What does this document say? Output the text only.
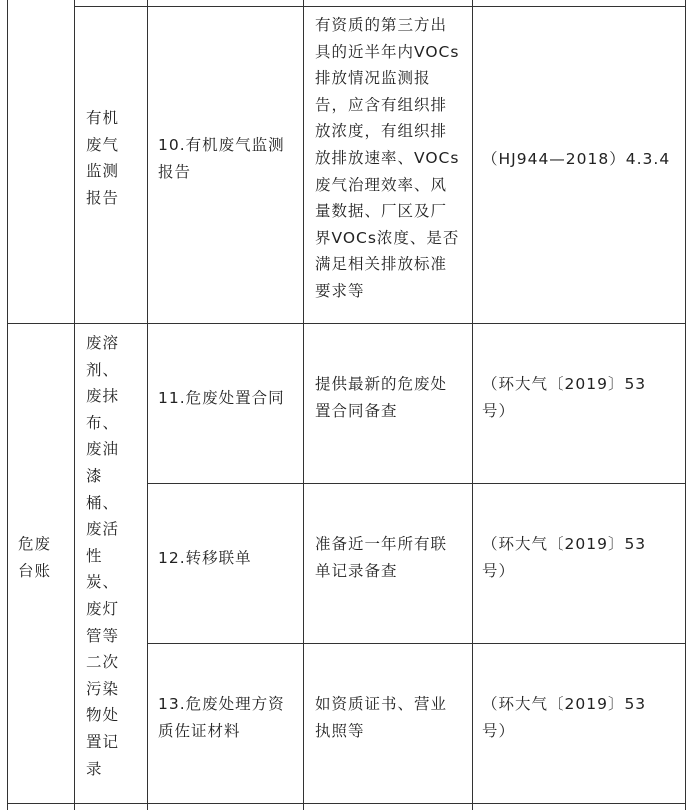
有机
废气
监测
报告
10.有机废气监测
报告
有资质的第三方出
具的近半年内VOCs
排放情况监测报
告，应含有组织排
放浓度，有组织排
放排放速率、VOCs
废气治理效率、风
量数据、厂区及厂
界VOCs浓度、是否
满足相关排放标准
要求等
（HJ944—2018）4.3.4
危废
台账
废溶
剂、
废抹
布、
废油
漆
桶、
废活
性
炭、
废灯
管等
二次
污染
物处
置记
录
11.危废处置合同
提供最新的危废处
置合同备查
（环大气〔2019〕53
号）
12.转移联单
准备近一年所有联
单记录备查
（环大气〔2019〕53
号）
13.危废处理方资
质佐证材料
如资质证书、营业
执照等
（环大气〔2019〕53
号）
